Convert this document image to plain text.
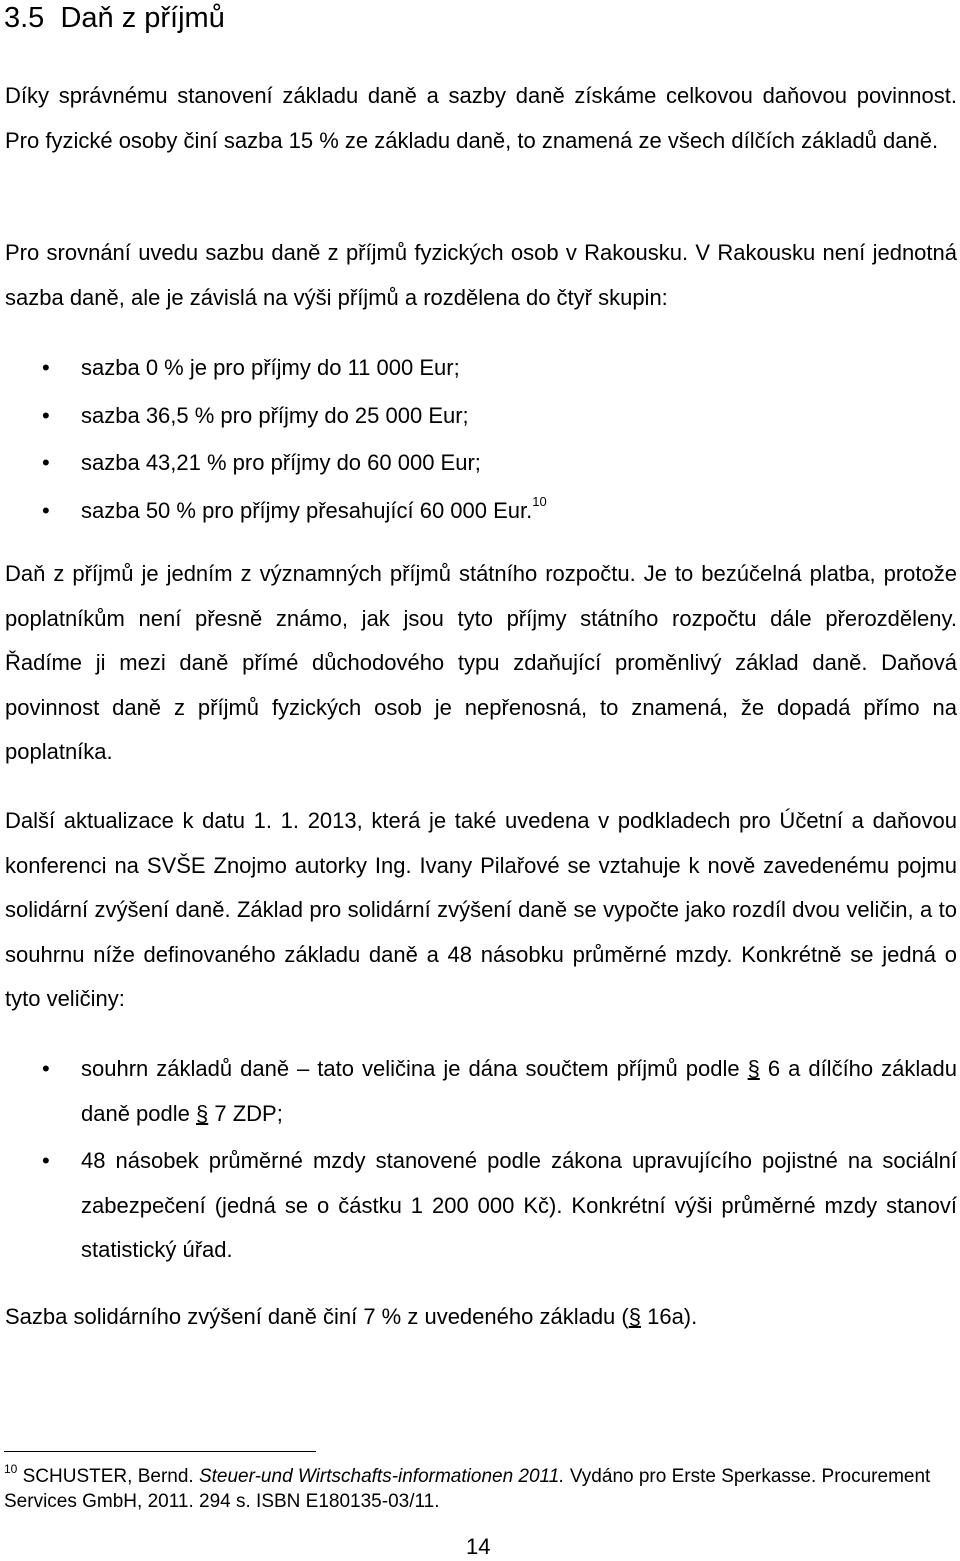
3.5 Daň z příjmů

Díky správnému stanovení základu daně a sazby daně získáme celkovou daňovou povinnost. Pro fyzické osoby činí sazba 15 % ze základu daně, to znamená ze všech dílčích základů daně.

Pro srovnání uvedu sazbu daně z příjmů fyzických osob v Rakousku. V Rakousku není jednotná sazba daně, ale je závislá na výši příjmů a rozdělena do čtyř skupin:

• sazba 0 % je pro příjmy do 11 000 Eur;
• sazba 36,5 % pro příjmy do 25 000 Eur;
• sazba 43,21 % pro příjmy do 60 000 Eur;
• sazba 50 % pro příjmy přesahující 60 000 Eur.$^{10}$

Daň z příjmů je jedním z významných příjmů státního rozpočtu. Je to bezúčelná platba, protože poplatníkům není přesně známo, jak jsou tyto příjmy státního rozpočtu dále přerozděleny. Řadíme ji mezi daně přímé důchodového typu zdaňující proměnlivý základ daně. Daňová povinnost daně z příjmů fyzických osob je nepřenosná, to znamená, že dopadá přímo na poplatníka.

Další aktualizace k datu 1. 1. 2013, která je také uvedena v podkladech pro Účetní a daňovou konferenci na SVŠE Znojmo autorky Ing. Ivany Pilařové se vztahuje k nově zavedenému pojmu solidární zvýšení daně. Základ pro solidární zvýšení daně se vypočte jako rozdíl dvou veličin, a to souhrnu níže definovaného základu daně a 48 násobku průměrné mzdy. Konkrétně se jedná o tyto veličiny:

• souhrn základů daně – tato veličina je dána součtem příjmů podle § 6 a dílčího základu daně podle § 7 ZDP;
• 48 násobek průměrné mzdy stanovené podle zákona upravujícího pojistné na sociální zabezpečení (jedná se o částku 1 200 000 Kč). Konkrétní výši průměrné mzdy stanoví statistický úřad.

Sazba solidárního zvýšení daně činí 7 % z uvedeného základu (§ 16a).

$^{10}$ SCHUSTER, Bernd. Steuer-und Wirtschafts-informationen 2011. Vydáno pro Erste Sperkasse. Procurement Services GmbH, 2011. 294 s. ISBN E180135-03/11.

14
